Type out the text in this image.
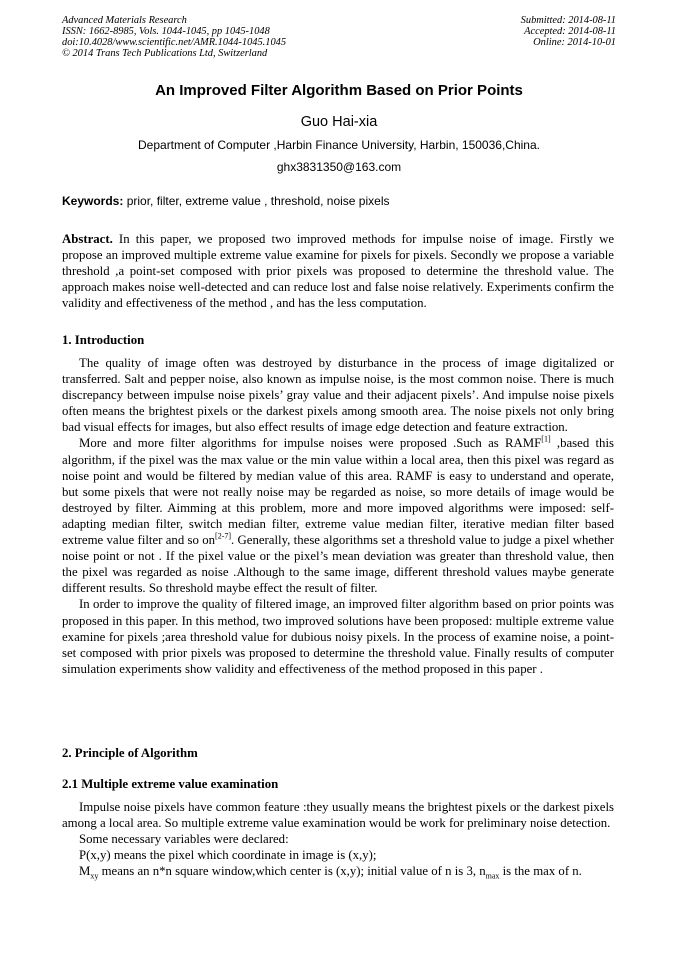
Advanced Materials Research
ISSN: 1662-8985, Vols. 1044-1045, pp 1045-1048
doi:10.4028/www.scientific.net/AMR.1044-1045.1045
© 2014 Trans Tech Publications Ltd, Switzerland
Submitted: 2014-08-11
Accepted: 2014-08-11
Online: 2014-10-01
An Improved Filter Algorithm Based on Prior Points
Guo Hai-xia
Department of Computer ,Harbin Finance University, Harbin, 150036,China.
ghx3831350@163.com
Keywords: prior, filter, extreme value , threshold, noise pixels

Abstract. In this paper, we proposed two improved methods for impulse noise of image. Firstly we propose an improved multiple extreme value examine for pixels for pixels. Secondly we propose a variable threshold ,a point-set composed with prior pixels was proposed to determine the threshold value. The approach makes noise well-detected and can reduce lost and false noise relatively. Experiments confirm the validity and effectiveness of the method , and has the less computation.

1. Introduction

The quality of image often was destroyed by disturbance in the process of image digitalized or transferred. Salt and pepper noise, also known as impulse noise, is the most common noise. There is much discrepancy between impulse noise pixels’ gray value and their adjacent pixels’. And impulse noise pixels often means the brightest pixels or the darkest pixels among smooth area. The noise pixels not only bring bad visual effects for images, but also effect results of image edge detection and feature extraction.

More and more filter algorithms for impulse noises were proposed .Such as RAMF[1] ,based this algorithm, if the pixel was the max value or the min value within a local area, then this pixel was regard as noise point and would be filtered by median value of this area. RAMF is easy to understand and operate, but some pixels that were not really noise may be regarded as noise, so more details of image would be destroyed by filter. Aimming at this problem, more and more impoved algorithms were imposed: self-adapting median filter, switch median filter, extreme value median filter, iterative median filter based extreme value filter and so on[2-7]. Generally, these algorithms set a threshold value to judge a pixel whether noise point or not . If the pixel value or the pixel’s mean deviation was greater than threshold value, then the pixel was regarded as noise .Although to the same image, different threshold values maybe generate different results. So threshold maybe effect the result of filter.

In order to improve the quality of filtered image, an improved filter algorithm based on prior points was proposed in this paper. In this method, two improved solutions have been proposed: multiple extreme value examine for pixels ;area threshold value for dubious noisy pixels. In the process of examine noise, a point-set composed with prior pixels was proposed to determine the threshold value. Finally results of computer simulation experiments show validity and effectiveness of the method proposed in this paper .

2. Principle of Algorithm
2.1 Multiple extreme value examination

Impulse noise pixels have common feature :they usually means the brightest pixels or the darkest pixels among a local area. So multiple extreme value examination would be work for preliminary noise detection.

Some necessary variables were declared:

P(x,y) means the pixel which coordinate in image is (x,y);

$M_{xy}$ means an n*n square window,which center is (x,y); initial value of n is 3, $n_{max}$ is the max of n.
